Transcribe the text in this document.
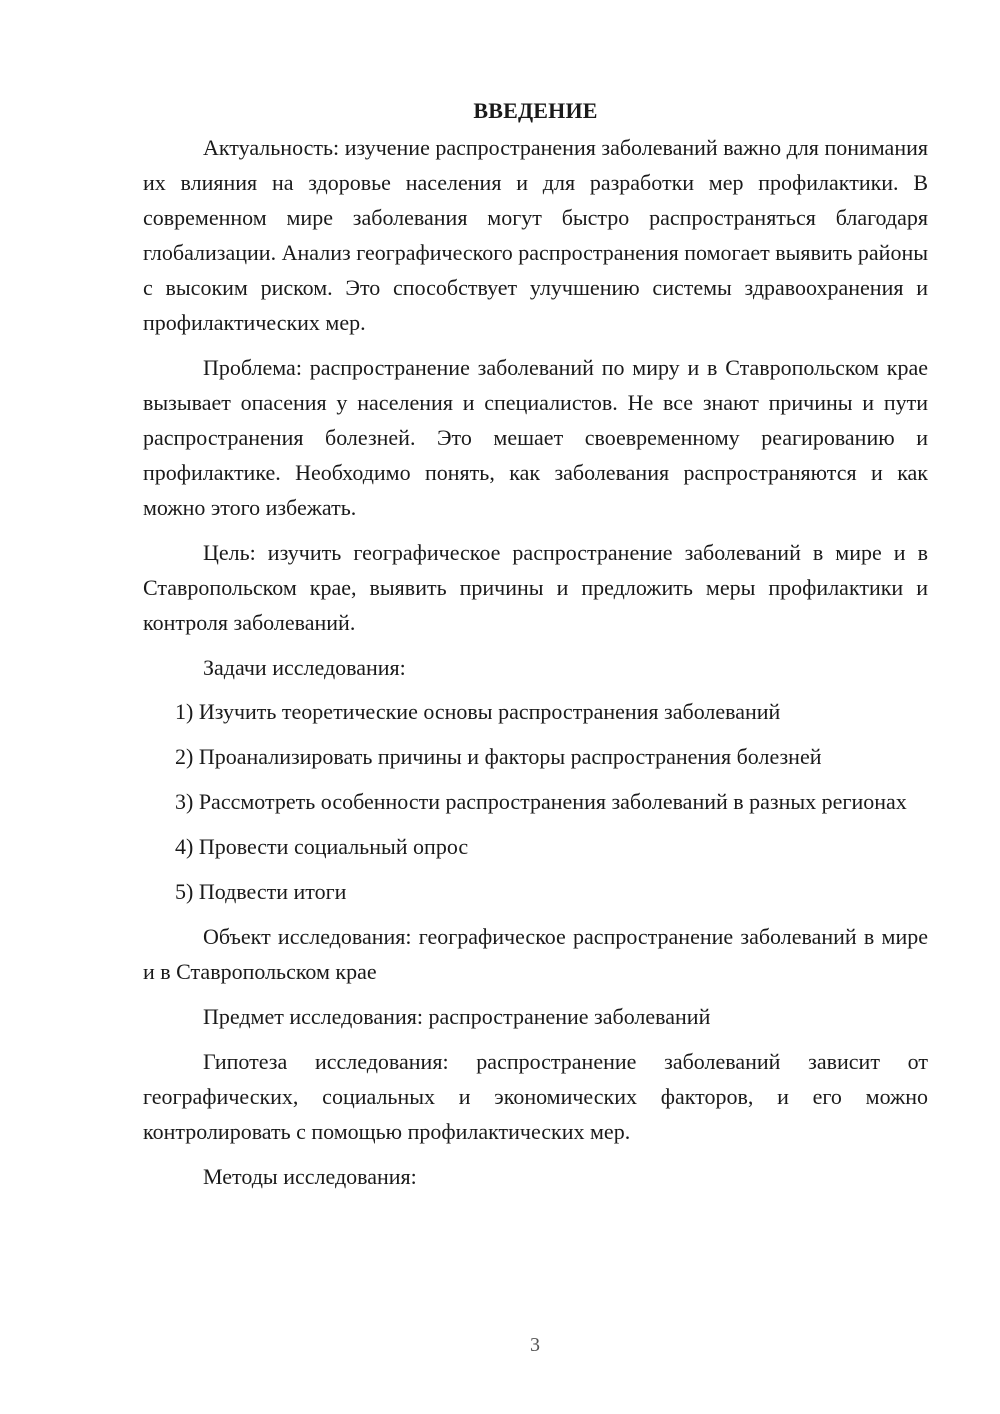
ВВЕДЕНИЕ

Актуальность: изучение распространения заболеваний важно для понимания их влияния на здоровье населения и для разработки мер профилактики. В современном мире заболевания могут быстро распространяться благодаря глобализации. Анализ географического распространения помогает выявить районы с высоким риском. Это способствует улучшению системы здравоохранения и профилактических мер.

Проблема: распространение заболеваний по миру и в Ставропольском крае вызывает опасения у населения и специалистов. Не все знают причины и пути распространения болезней. Это мешает своевременному реагированию и профилактике. Необходимо понять, как заболевания распространяются и как можно этого избежать.

Цель: изучить географическое распространение заболеваний в мире и в Ставропольском крае, выявить причины и предложить меры профилактики и контроля заболеваний.

Задачи исследования:

1) Изучить теоретические основы распространения заболеваний

2) Проанализировать причины и факторы распространения болезней

3) Рассмотреть особенности распространения заболеваний в разных регионах

4) Провести социальный опрос

5) Подвести итоги

Объект исследования: географическое распространение заболеваний в мире и в Ставропольском крае

Предмет исследования: распространение заболеваний

Гипотеза исследования: распространение заболеваний зависит от географических, социальных и экономических факторов, и его можно контролировать с помощью профилактических мер.

Методы исследования:

3
